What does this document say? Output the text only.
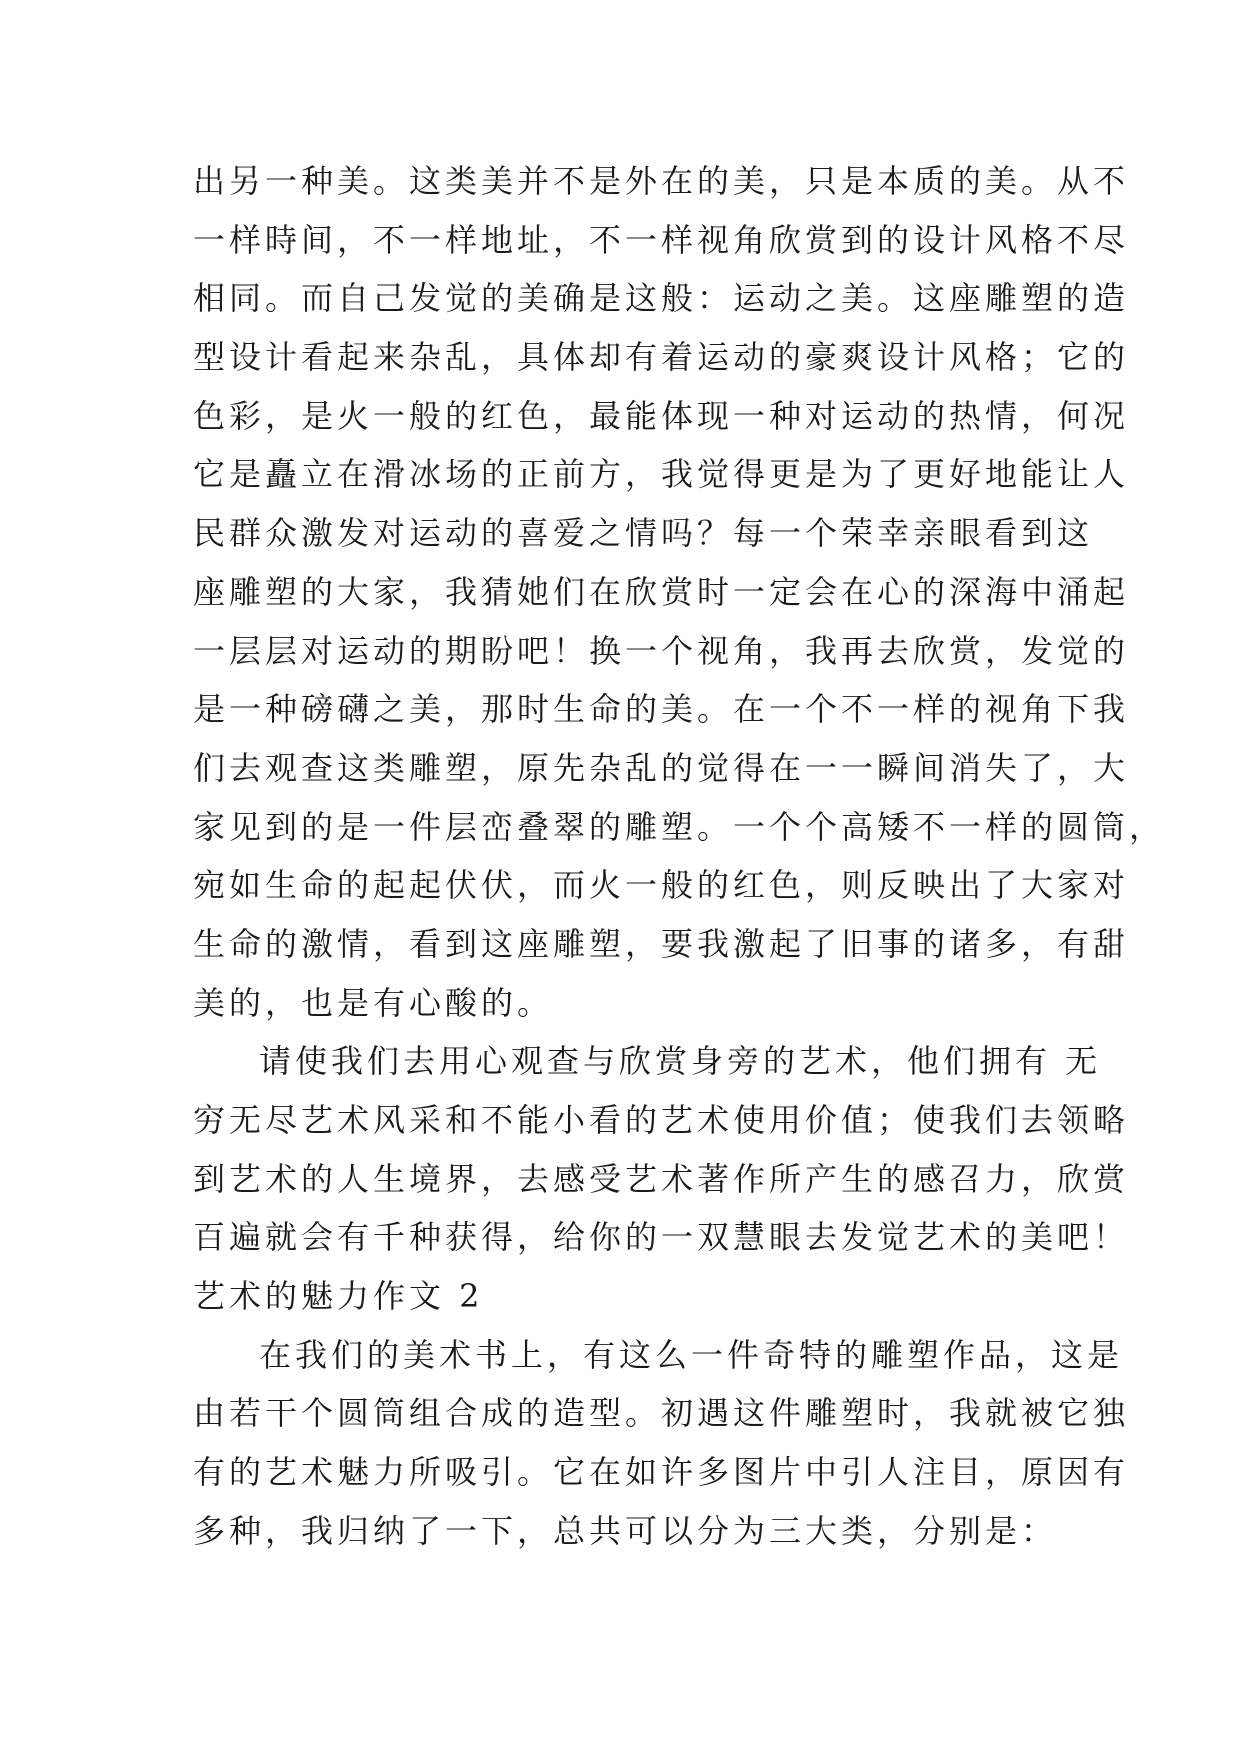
出另一种美。这类美并不是外在的美，只是本质的美。从不
一样時间，不一样地址，不一样视角欣赏到的设计风格不尽
相同。而自己发觉的美确是这般：运动之美。这座雕塑的造
型设计看起来杂乱，具体却有着运动的豪爽设计风格；它的
色彩，是火一般的红色，最能体现一种对运动的热情，何况
它是矗立在滑冰场的正前方，我觉得更是为了更好地能让人
民群众激发对运动的喜爱之情吗？每一个荣幸亲眼看到这
座雕塑的大家，我猜她们在欣赏时一定会在心的深海中涌起
一层层对运动的期盼吧！换一个视角，我再去欣赏，发觉的
是一种磅礴之美，那时生命的美。在一个不一样的视角下我
们去观查这类雕塑，原先杂乱的觉得在一一瞬间消失了，大
家见到的是一件层峦叠翠的雕塑。一个个高矮不一样的圆筒，
宛如生命的起起伏伏，而火一般的红色，则反映出了大家对
生命的激情，看到这座雕塑，要我激起了旧事的诸多，有甜
美的，也是有心酸的。
请使我们去用心观查与欣赏身旁的艺术，他们拥有 无
穷无尽艺术风采和不能小看的艺术使用价值；使我们去领略
到艺术的人生境界，去感受艺术著作所产生的感召力，欣赏
百遍就会有千种获得，给你的一双慧眼去发觉艺术的美吧！
艺术的魅力作文 2
在我们的美术书上，有这么一件奇特的雕塑作品，这是
由若干个圆筒组合成的造型。初遇这件雕塑时，我就被它独
有的艺术魅力所吸引。它在如许多图片中引人注目，原因有
多种，我归纳了一下，总共可以分为三大类，分别是：
